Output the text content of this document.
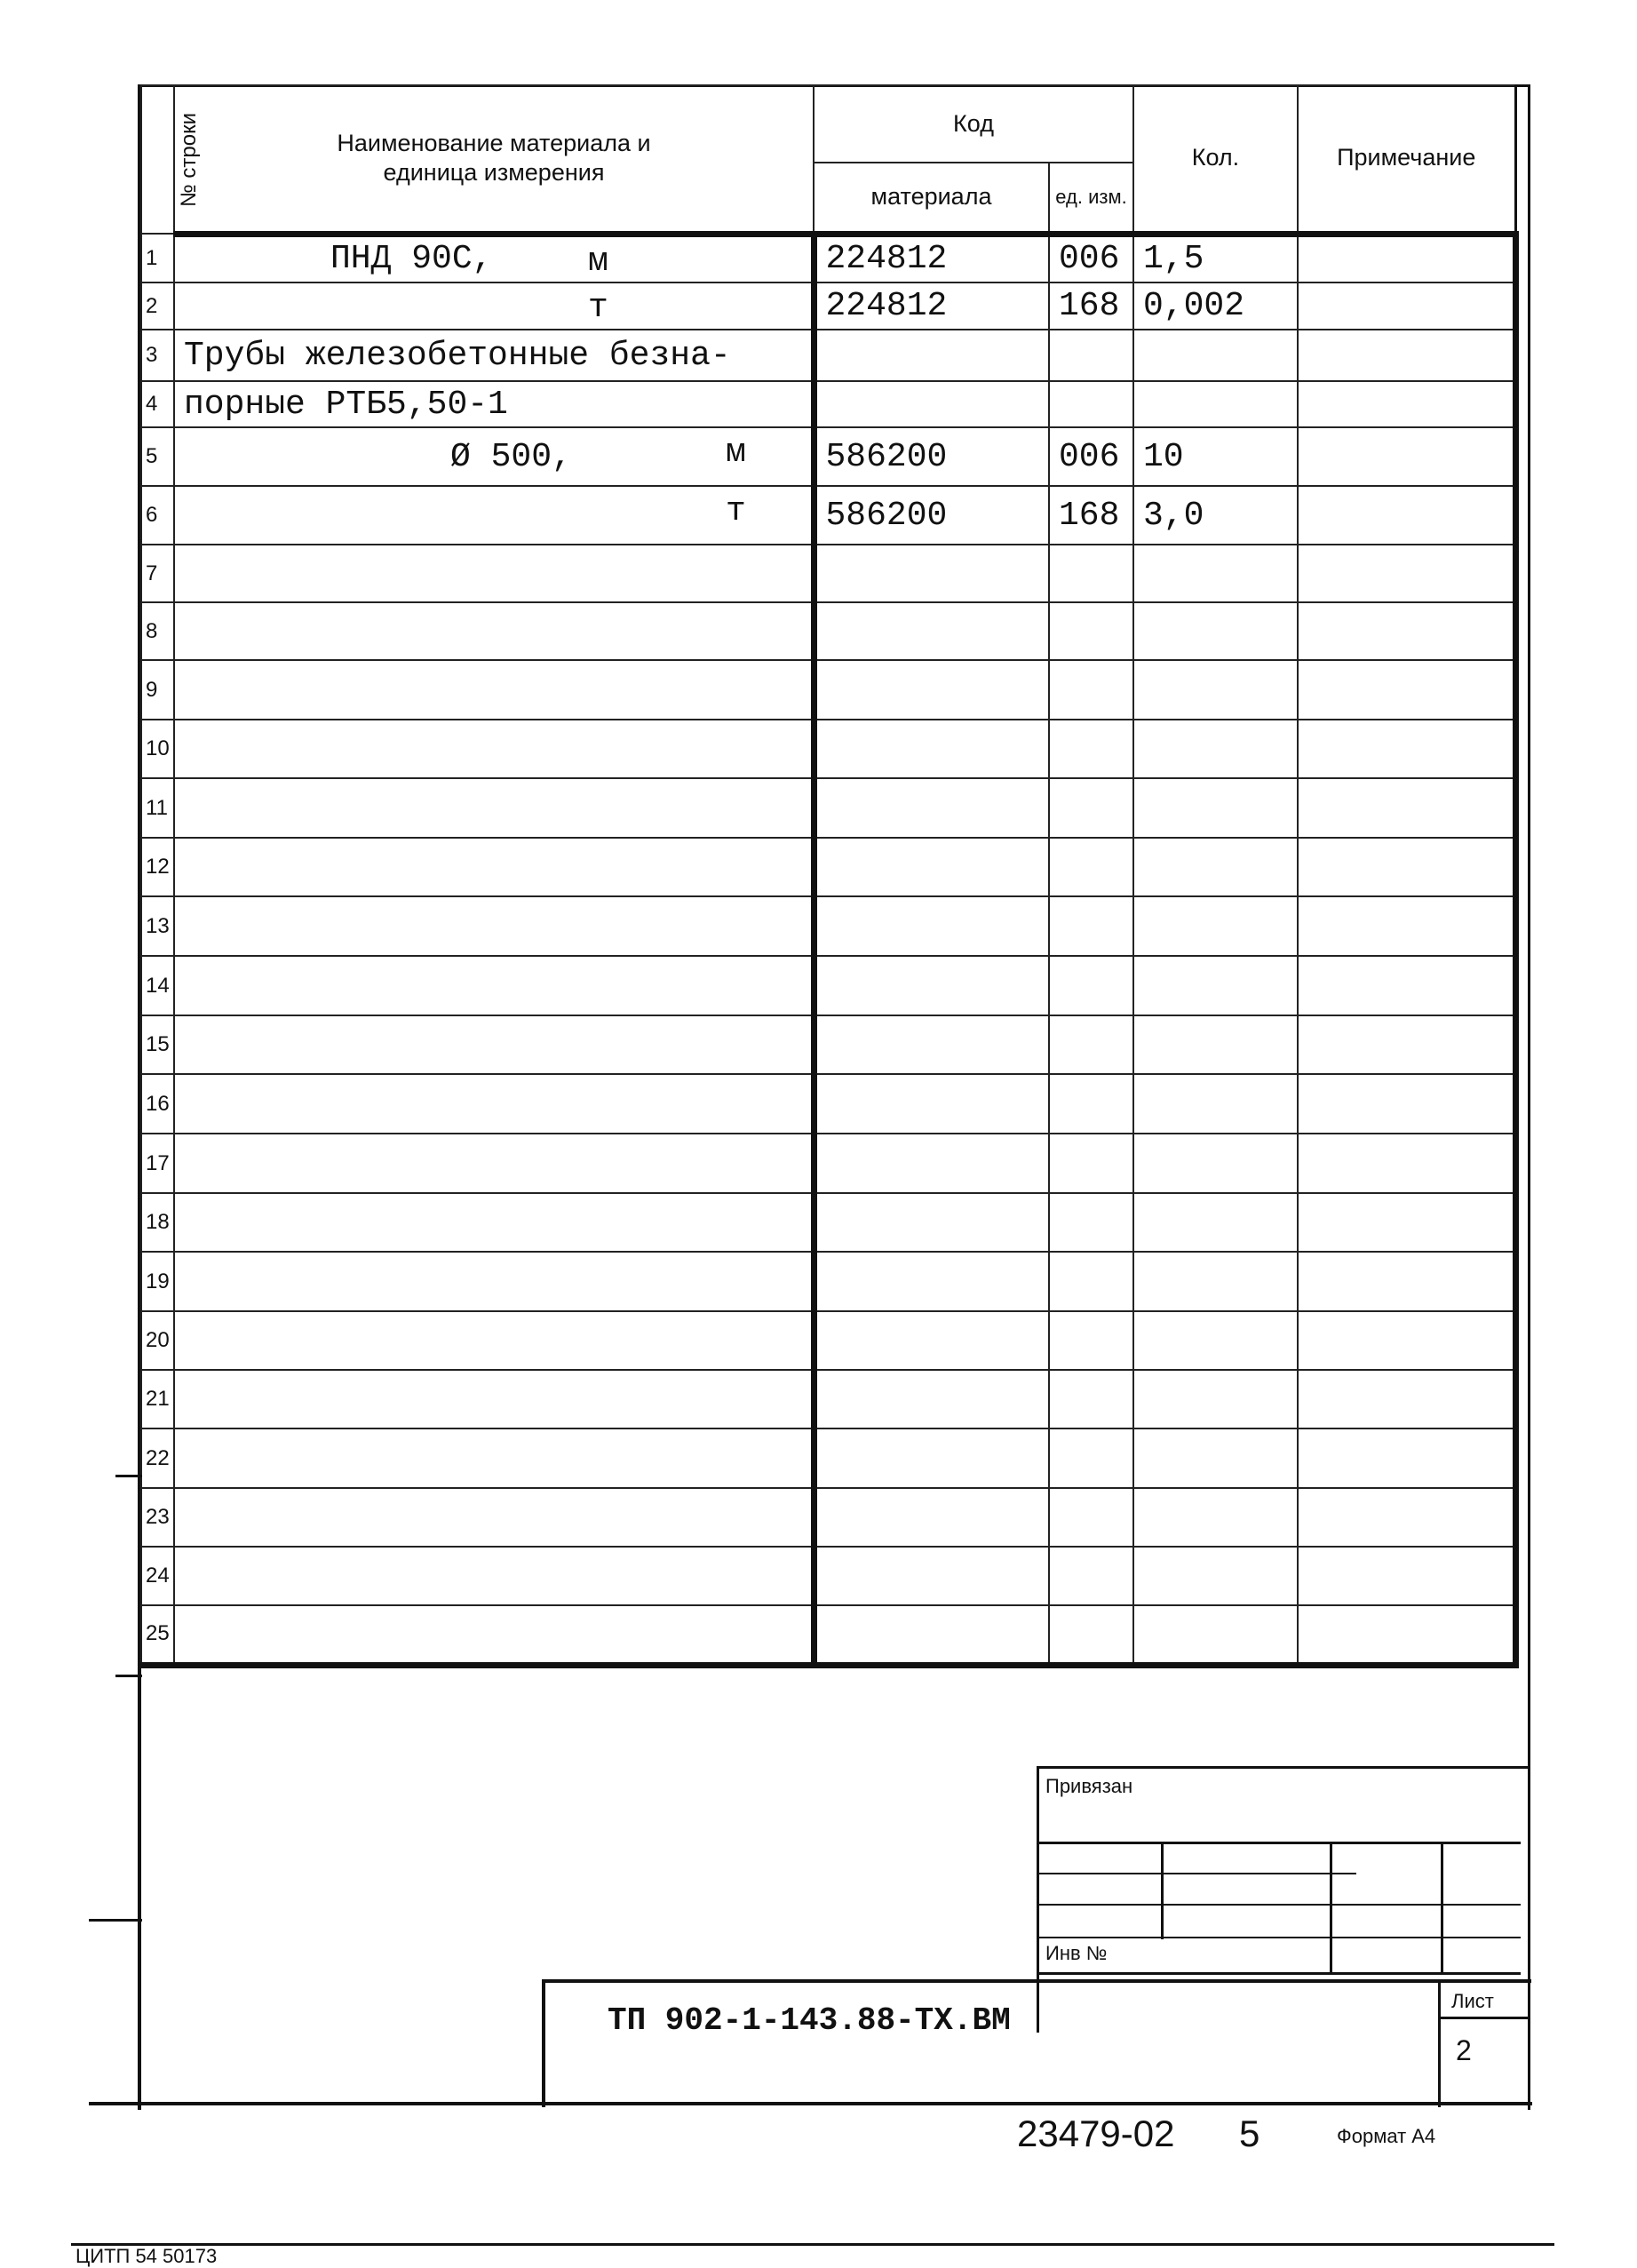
№ строки	Наименование материала и единица измерения	Код		Кол.	Примечание	
		материала	ед. изм.			
1	ПНД 90С, м	224812	006	1,5		
2	т	224812	168	0,002		
3	Трубы железобетонные безна-

4	порные РТБ5,50-1

5	Ø 500, м	586200	006	10		
6	т	586200	168	3,0		
7	

8	

9	

10	

11	

12	

13	

14	

15	

16	

17	

18	

19	

20	

21	

22	

23	

24	

25	

Привязан
Инв №
ТП 902-1-143.88-ТХ.ВМ
Лист
2
23479-02 5	Формат А4
ЦИТП 54 50173
